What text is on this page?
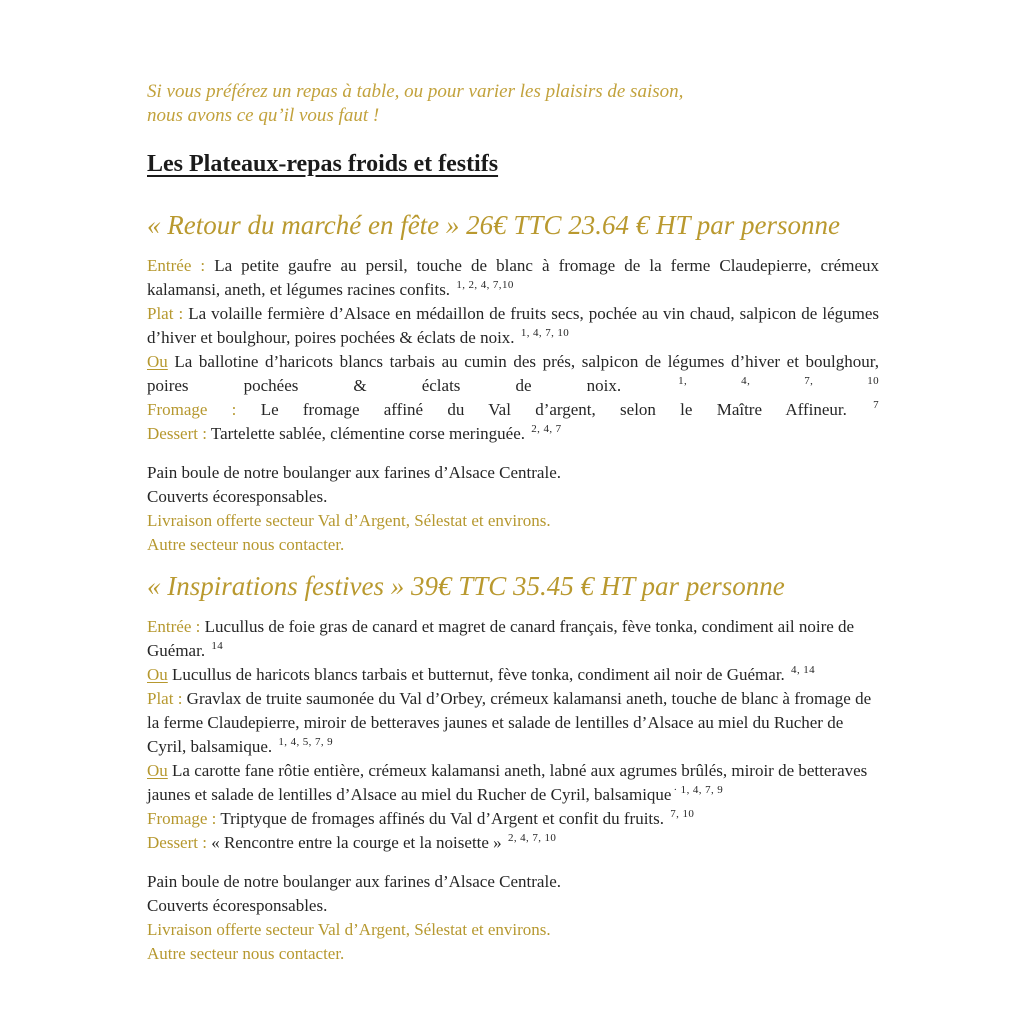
Si vous préférez un repas à table, ou pour varier les plaisirs de saison,
nous avons ce qu’il vous faut !

Les Plateaux-repas froids et festifs
« Retour du marché en fête » 26€ TTC 23.64 € HT par personne

Entrée : La petite gaufre au persil, touche de blanc à fromage de la ferme Claudepierre, crémeux kalamansi, aneth, et légumes racines confits. $^{1, 2, 4, 7,10}$

Plat : La volaille fermière d’Alsace en médaillon de fruits secs, pochée au vin chaud, salpicon de légumes d’hiver et boulghour, poires pochées & éclats de noix. $^{1, 4, 7, 10}$

Ou La ballotine d’haricots blancs tarbais au cumin des prés, salpicon de légumes d’hiver et boulghour, poires pochées & éclats de noix.	$^{1, 4, 7, 10}$

Fromage : Le fromage affiné du Val d’argent, selon le Maître Affineur. $^7$

Dessert : Tartelette sablée, clémentine corse meringuée. $^{2, 4, 7}$

Pain boule de notre boulanger aux farines d’Alsace Centrale.

Couverts écoresponsables.

Livraison offerte secteur Val d’Argent, Sélestat et environs.

Autre secteur nous contacter.

« Inspirations festives » 39€ TTC 35.45 € HT par personne

Entrée : Lucullus de foie gras de canard et magret de canard français, fève tonka, condiment ail noire de Guémar. $^{14}$

Ou Lucullus de haricots blancs tarbais et butternut, fève tonka, condiment ail noir de Guémar. $^{4, 14}$

Plat : Gravlax de truite saumonée du Val d’Orbey, crémeux kalamansi aneth, touche de blanc à fromage de la ferme Claudepierre, miroir de betteraves jaunes et salade de lentilles d’Alsace au miel du Rucher de Cyril, balsamique. $^{1, 4, 5, 7, 9}$

Ou La carotte fane rôtie entière, crémeux kalamansi aneth, labné aux agrumes brûlés, miroir de betteraves jaunes et salade de lentilles d’Alsace au miel du Rucher de Cyril, balsamique $^{\cdot 1, 4, 7, 9}$

Fromage : Triptyque de fromages affinés du Val d’Argent et confit du fruits. $^{7, 10}$

Dessert : « Rencontre entre la courge et la noisette » $^{2, 4, 7, 10}$

Pain boule de notre boulanger aux farines d’Alsace Centrale.

Couverts écoresponsables.

Livraison offerte secteur Val d’Argent, Sélestat et environs.

Autre secteur nous contacter.
